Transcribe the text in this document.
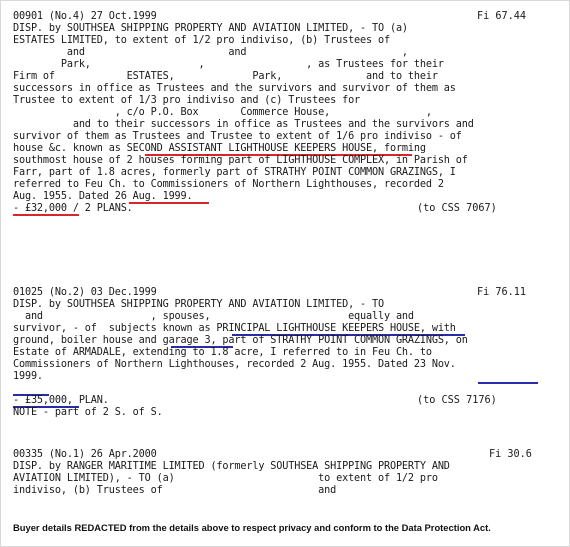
00901 (No.4) 27 Oct.1999	Fi 67.44
DISP. by SOUTHSEA SHIPPING PROPERTY AND AVIATION LIMITED, - TO (a)
ESTATES LIMITED, to extent of 1/2 pro indiviso, (b) Trustees of
and                        and                          ,
Park,                  ,                 , as Trustees for their
Firm of            ESTATES,             Park,              and to their
successors in office as Trustees and the survivors and survivor of them as
Trustee to extent of 1/3 pro indiviso and (c) Trustees for
, c/o P.O. Box       Commerce House,                ,
and to their successors in office as Trustees and the survivors and
survivor of them as Trustees and Trustee to extent of 1/6 pro indiviso - of
house &c. known as SECOND ASSISTANT LIGHTHOUSE KEEPERS HOUSE, forming
southmost house of 2 houses forming part of LIGHTHOUSE COMPLEX, in Parish of
Farr, part of 1.8 acres, formerly part of STRATHY POINT COMMON GRAZINGS, I
referred to Feu Ch. to Commissioners of Northern Lighthouses, recorded 2
Aug. 1955. Dated 26 Aug. 1999.
- £32,000 / 2 PLANS.	(to CSS 7067)
01025 (No.2) 03 Dec.1999	Fi 76.11
DISP. by SOUTHSEA SHIPPING PROPERTY AND AVIATION LIMITED, - TO
and                  , spouses,                       equally and
survivor, - of  subjects known as PRINCIPAL LIGHTHOUSE KEEPERS HOUSE, with
ground, boiler house and garage 3, part of STRATHY POINT COMMON GRAZINGS, on
Estate of ARMADALE, extending to 1.8 acre, I referred to in Feu Ch. to
Commissioners of Northern Lighthouses, recorded 2 Aug. 1955. Dated 23 Nov.
1999.
- £35,000, PLAN.	(to CSS 7176)
NOTE - part of 2 S. of S.
00335 (No.1) 26 Apr.2000	Fi 30.6
DISP. by RANGER MARITIME LIMITED (formerly SOUTHSEA SHIPPING PROPERTY AND
AVIATION LIMITED), - TO (a)                        to extent of 1/2 pro
indiviso, (b) Trustees of                          and
Buyer details REDACTED from the details above to respect privacy and conform to the Data Protection Act.
